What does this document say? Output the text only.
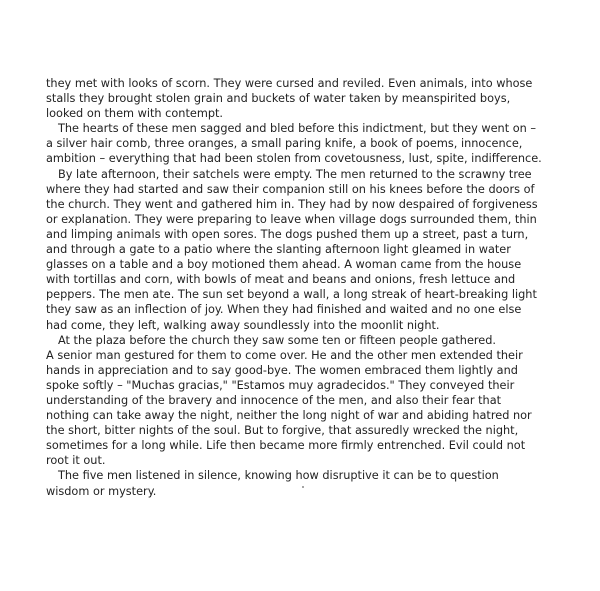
they met with looks of scorn. They were cursed and reviled. Even animals, into whose
stalls they brought stolen grain and buckets of water taken by meanspirited boys,
looked on them with contempt.
The hearts of these men sagged and bled before this indictment, but they went on –
a silver hair comb, three oranges, a small paring knife, a book of poems, innocence,
ambition – everything that had been stolen from covetousness, lust, spite, indifference.
By late afternoon, their satchels were empty. The men returned to the scrawny tree
where they had started and saw their companion still on his knees before the doors of
the church. They went and gathered him in. They had by now despaired of forgiveness
or explanation. They were preparing to leave when village dogs surrounded them, thin
and limping animals with open sores. The dogs pushed them up a street, past a turn,
and through a gate to a patio where the slanting afternoon light gleamed in water
glasses on a table and a boy motioned them ahead. A woman came from the house
with tortillas and corn, with bowls of meat and beans and onions, fresh lettuce and
peppers. The men ate. The sun set beyond a wall, a long streak of heart-breaking light
they saw as an inflection of joy. When they had finished and waited and no one else
had come, they left, walking away soundlessly into the moonlit night.
At the plaza before the church they saw some ten or fifteen people gathered.
A senior man gestured for them to come over. He and the other men extended their
hands in appreciation and to say good-bye. The women embraced them lightly and
spoke softly – "Muchas gracias," "Estamos muy agradecidos." They conveyed their
understanding of the bravery and innocence of the men, and also their fear that
nothing can take away the night, neither the long night of war and abiding hatred nor
the short, bitter nights of the soul. But to forgive, that assuredly wrecked the night,
sometimes for a long while. Life then became more firmly entrenched. Evil could not
root it out.
The five men listened in silence, knowing how disruptive it can be to question
wisdom or mystery.
